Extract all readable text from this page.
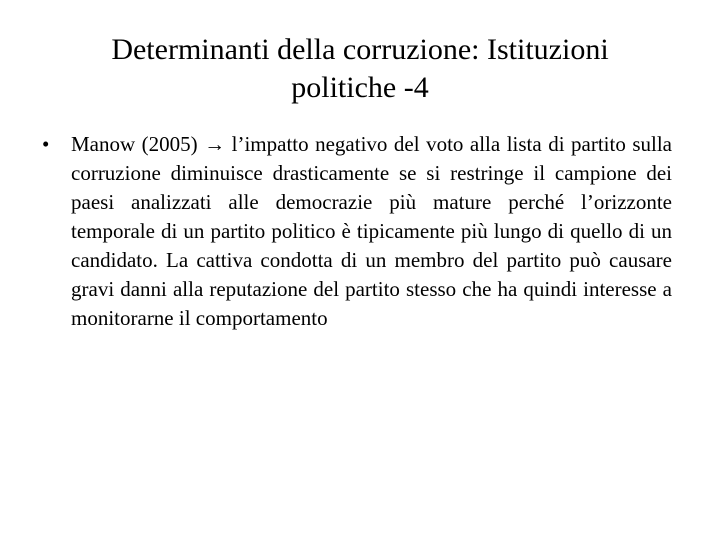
Determinanti della corruzione: Istituzioni politiche -4
• Manow (2005) → l’impatto negativo del voto alla lista di partito sulla corruzione diminuisce drasticamente se si restringe il campione dei paesi analizzati alle democrazie più mature perché l’orizzonte temporale di un partito politico è tipicamente più lungo di quello di un candidato. La cattiva condotta di un membro del partito può causare gravi danni alla reputazione del partito stesso che ha quindi interesse a monitorarne il comportamento
